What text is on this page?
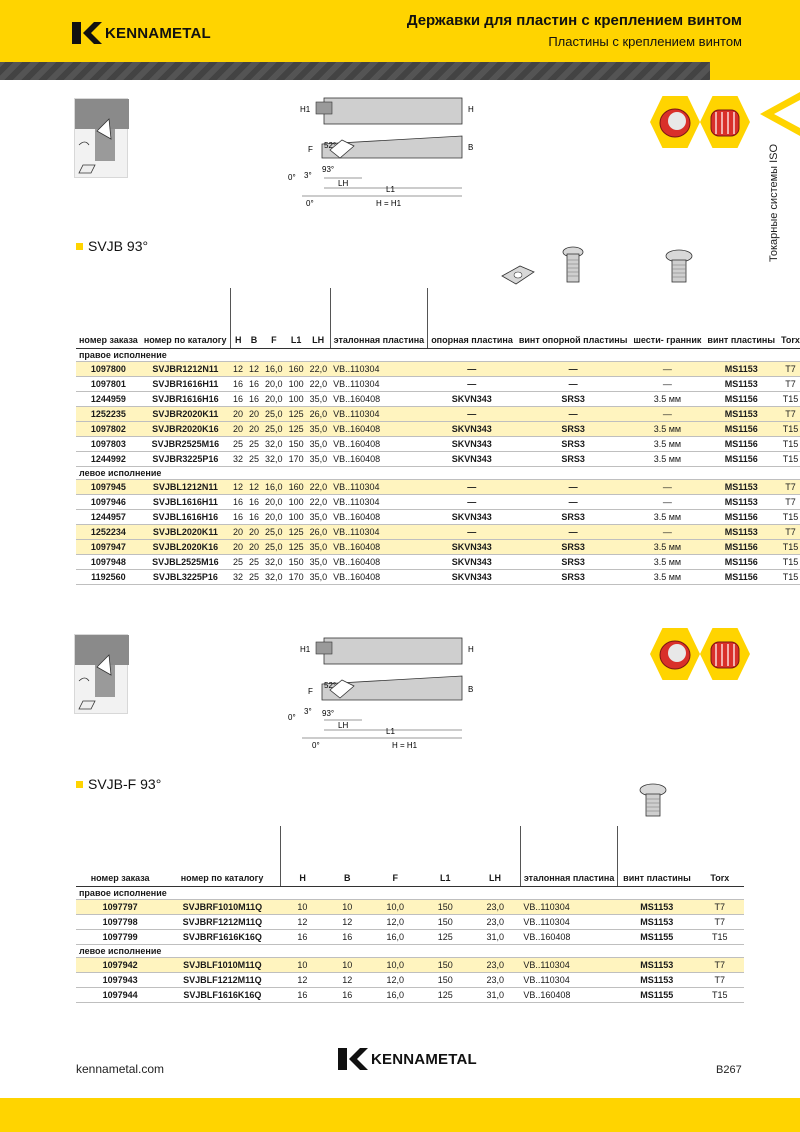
KENNAMETAL
Державки для пластин с креплением винтом
Пластины с креплением винтом
Токарные системы ISO
H1	H
B
F 52°
93°
3°
0°
LH
L1
0°	H = H1
SVJB 93°
номер заказа	номер по каталогу	H	B	F	L1	LH	эталонная пластина	опорная пластина	винт опорной пластины	шести- гранник	винт пластины	Torx
правое исполнение												
1097800	SVJBR1212N11	12	12	16,0	160	22,0	VB..110304	—	—	—	MS1153	T7
1097801	SVJBR1616H11	16	16	20,0	100	22,0	VB..110304	—	—	—	MS1153	T7
1244959	SVJBR1616H16	16	16	20,0	100	35,0	VB..160408	SKVN343	SRS3	3.5 мм	MS1156	T15
1252235	SVJBR2020K11	20	20	25,0	125	26,0	VB..110304	—	—	—	MS1153	T7
1097802	SVJBR2020K16	20	20	25,0	125	35,0	VB..160408	SKVN343	SRS3	3.5 мм	MS1156	T15
1097803	SVJBR2525M16	25	25	32,0	150	35,0	VB..160408	SKVN343	SRS3	3.5 мм	MS1156	T15
1244992	SVJBR3225P16	32	25	32,0	170	35,0	VB..160408	SKVN343	SRS3	3.5 мм	MS1156	T15
левое исполнение												
1097945	SVJBL1212N11	12	12	16,0	160	22,0	VB..110304	—	—	—	MS1153	T7
1097946	SVJBL1616H11	16	16	20,0	100	22,0	VB..110304	—	—	—	MS1153	T7
1244957	SVJBL1616H16	16	16	20,0	100	35,0	VB..160408	SKVN343	SRS3	3.5 мм	MS1156	T15
1252234	SVJBL2020K11	20	20	25,0	125	26,0	VB..110304	—	—	—	MS1153	T7
1097947	SVJBL2020K16	20	20	25,0	125	35,0	VB..160408	SKVN343	SRS3	3.5 мм	MS1156	T15
1097948	SVJBL2525M16	25	25	32,0	150	35,0	VB..160408	SKVN343	SRS3	3.5 мм	MS1156	T15
1192560	SVJBL3225P16	32	25	32,0	170	35,0	VB..160408	SKVN343	SRS3	3.5 мм	MS1156	T15
H1	H
B
F
52°
93°
3°
0°
LH
L1
0°	H = H1
SVJB-F 93°
номер заказа	номер по каталогу	H	B	F	L1	LH	эталонная пластина	винт пластины	Torx
правое исполнение									
1097797	SVJBRF1010M11Q	10	10	10,0	150	23,0	VB..110304	MS1153	T7
1097798	SVJBRF1212M11Q	12	12	12,0	150	23,0	VB..110304	MS1153	T7
1097799	SVJBRF1616K16Q	16	16	16,0	125	31,0	VB..160408	MS1155	T15
левое исполнение									
1097942	SVJBLF1010M11Q	10	10	10,0	150	23,0	VB..110304	MS1153	T7
1097943	SVJBLF1212M11Q	12	12	12,0	150	23,0	VB..110304	MS1153	T7
1097944	SVJBLF1616K16Q	16	16	16,0	125	31,0	VB..160408	MS1155	T15
kennametal.com
KENNAMETAL
B267
